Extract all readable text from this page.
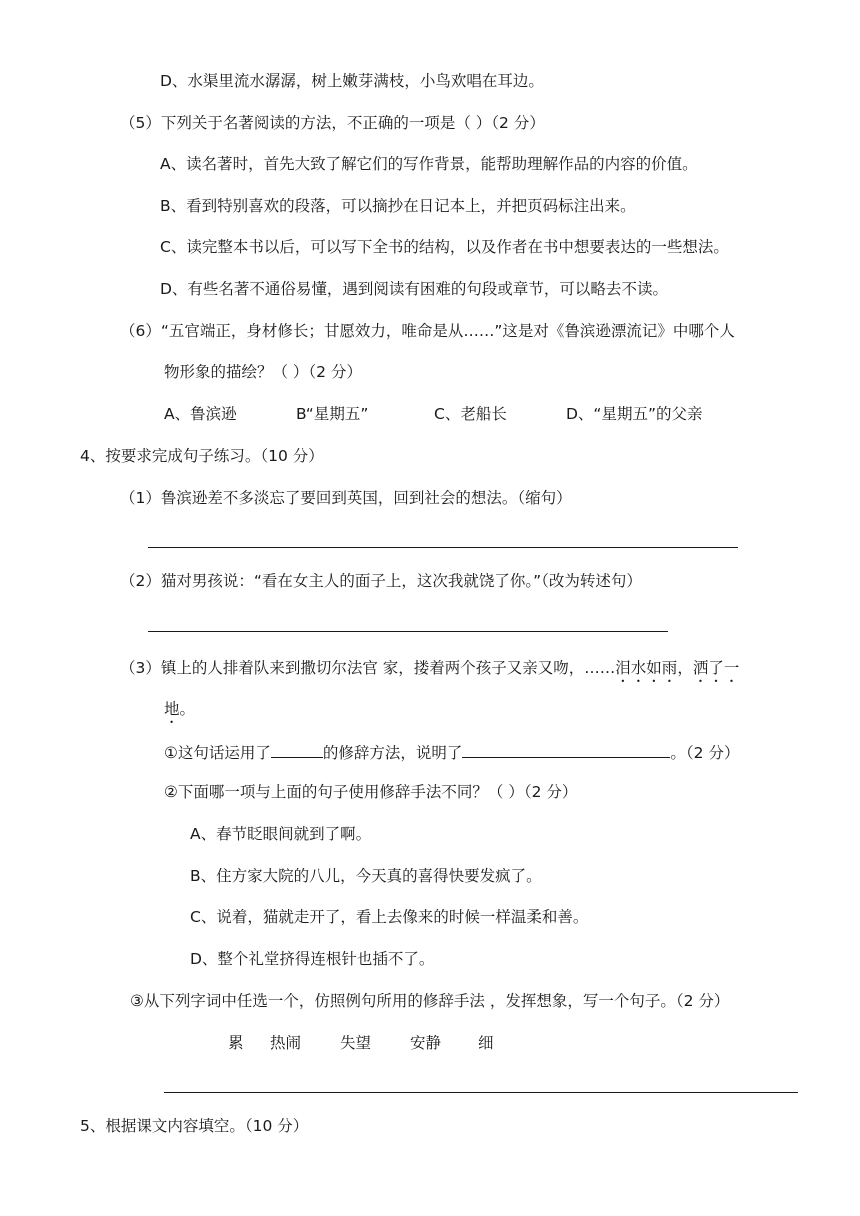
D、水渠里流水潺潺，树上嫩芽满枝，小鸟欢唱在耳边。
（5）下列关于名著阅读的方法，不正确的一项是（ ）（2 分）
A、读名著时，首先大致了解它们的写作背景，能帮助理解作品的内容的价值。
B、看到特别喜欢的段落，可以摘抄在日记本上，并把页码标注出来。
C、读完整本书以后，可以写下全书的结构，以及作者在书中想要表达的一些想法。
D、有些名著不通俗易懂，遇到阅读有困难的句段或章节，可以略去不读。
（6）“五官端正，身材修长；甘愿效力，唯命是从……”这是对《鲁滨逊漂流记》中哪个人
物形象的描绘？（ ）（2 分）
A、鲁滨逊	B“星期五”	C、老船长	D、“星期五”的父亲
4、按要求完成句子练习。（10 分）
（1）鲁滨逊差不多淡忘了要回到英国，回到社会的想法。（缩句）
（2）猫对男孩说：“看在女主人的面子上，这次我就饶了你。”（改为转述句）
（3）镇上的人排着队来到撒切尔法官 家，搂着两个孩子又亲又吻，……泪水如雨，洒了一
地。
①这句话运用了	的修辞方法，说明了	。（2 分）
②下面哪一项与上面的句子使用修辞手法不同？（ ）（2 分）
A、春节眨眼间就到了啊。
B、住方家大院的八儿，今天真的喜得快要发疯了。
C、说着，猫就走开了，看上去像来的时候一样温柔和善。
D、整个礼堂挤得连根针也插不了。
③从下列字词中任选一个，仿照例句所用的修辞手法 ，发挥想象，写一个句子。（2 分）
累 热闹	失望	安静 细
5、根据课文内容填空。（10 分）
